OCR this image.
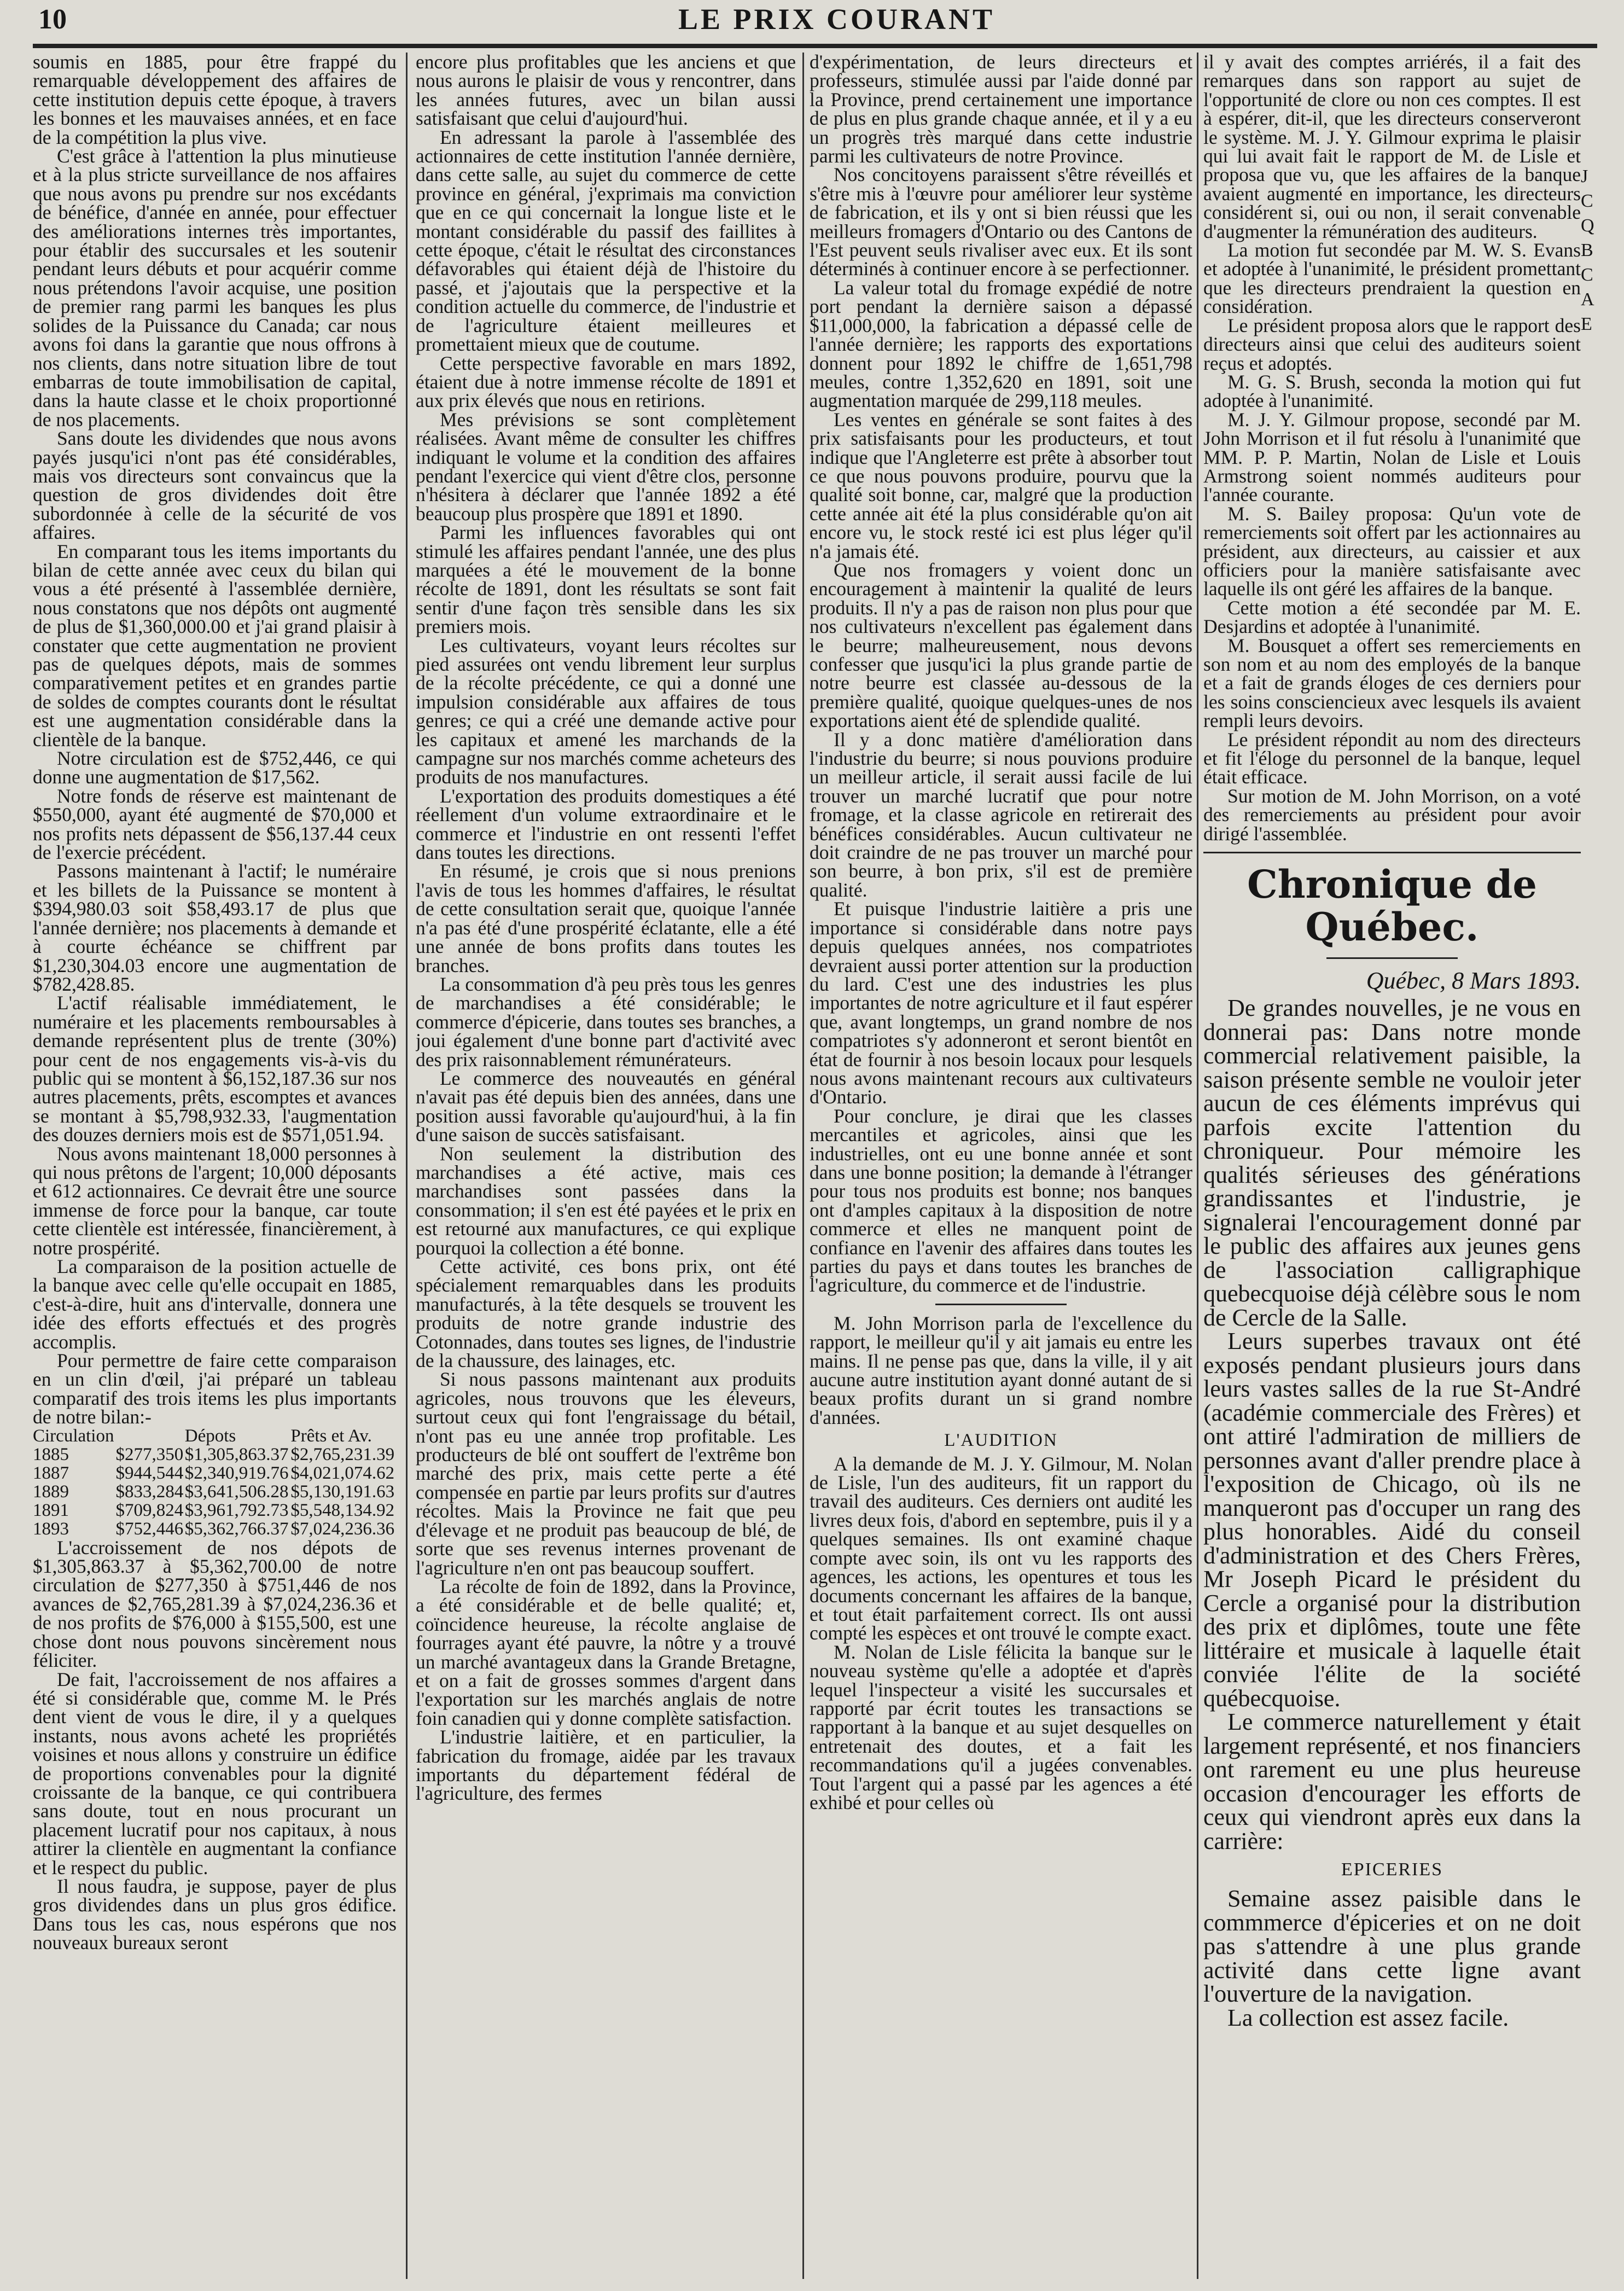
10	LE PRIX COURANT

soumis en 1885, pour être frappé du remarquable développement des affaires de cette institution depuis cette époque, à travers les bonnes et les mauvaises années, et en face de la compétition la plus vive.

C'est grâce à l'attention la plus minutieuse et à la plus stricte surveillance de nos affaires que nous avons pu prendre sur nos excédants de bénéfice, d'année en année, pour effectuer des améliorations internes très importantes, pour établir des succursales et les soutenir pendant leurs débuts et pour acquérir comme nous prétendons l'avoir acquise, une position de premier rang parmi les banques les plus solides de la Puissance du Canada; car nous avons foi dans la garantie que nous offrons à nos clients, dans notre situation libre de tout embarras de toute immobilisation de capital, dans la haute classe et le choix proportionné de nos placements.

Sans doute les dividendes que nous avons payés jusqu'ici n'ont pas été considérables, mais vos directeurs sont convaincus que la question de gros dividendes doit être subordonnée à celle de la sécurité de vos affaires.

En comparant tous les items importants du bilan de cette année avec ceux du bilan qui vous a été présenté à l'assemblée dernière, nous constatons que nos dépôts ont augmenté de plus de $1,360,000.00 et j'ai grand plaisir à constater que cette augmentation ne provient pas de quelques dépots, mais de sommes comparativement petites et en grandes partie de soldes de comptes courants dont le résultat est une augmentation considérable dans la clientèle de la banque.

Notre circulation est de $752,446, ce qui donne une augmentation de $17,562.

Notre fonds de réserve est maintenant de $550,000, ayant été augmenté de $70,000 et nos profits nets dépassent de $56,137.44 ceux de l'exercie précédent.

Passons maintenant à l'actif; le numéraire et les billets de la Puissance se montent à $394,980.03 soit $58,493.17 de plus que l'année dernière; nos placements à demande et à courte échéance se chiffrent par $1,230,304.03 encore une augmentation de $782,428.85.

L'actif réalisable immédiatement, le numéraire et les placements remboursables à demande représentent plus de trente (30%) pour cent de nos engagements vis-à-vis du public qui se montent à $6,152,187.36 sur nos autres placements, prêts, escomptes et avances se montant à $5,798,932.33, l'augmentation des douzes derniers mois est de $571,051.94.

Nous avons maintenant 18,000 personnes à qui nous prêtons de l'argent; 10,000 déposants et 612 actionnaires. Ce devrait être une source immense de force pour la banque, car toute cette clientèle est intéressée, financièrement, à notre prospérité.

La comparaison de la position actuelle de la banque avec celle qu'elle occupait en 1885, c'est-à-dire, huit ans d'intervalle, donnera une idée des efforts effectués et des progrès accomplis.

Pour permettre de faire cette comparaison en un clin d'œil, j'ai préparé un tableau comparatif des trois items les plus importants de notre bilan:-

Circulation		Dépots	Prêts et Av.
1885	$277,350	$1,305,863.37	$2,765,231.39
1887	$944,544	$2,340,919.76	$4,021,074.62
1889	$833,284	$3,641,506.28	$5,130,191.63
1891	$709,824	$3,961,792.73	$5,548,134.92
1893	$752,446	$5,362,766.37	$7,024,236.36

L'accroissement de nos dépots de $1,305,863.37 à $5,362,700.00 de notre circulation de $277,350 à $751,446 de nos avances de $2,765,281.39 à $7,024,236.36 et de nos profits de $76,000 à $155,500, est une chose dont nous pouvons sincèrement nous féliciter.

De fait, l'accroissement de nos affaires a été si considérable que, comme M. le Prés dent vient de vous le dire, il y a quelques instants, nous avons acheté les propriétés voisines et nous allons y construire un édifice de proportions convenables pour la dignité croissante de la banque, ce qui contribuera sans doute, tout en nous procurant un placement lucratif pour nos capitaux, à nous attirer la clientèle en augmentant la confiance et le respect du public.

Il nous faudra, je suppose, payer de plus gros dividendes dans un plus gros édifice. Dans tous les cas, nous espérons que nos nouveaux bureaux seront

encore plus profitables que les anciens et que nous aurons le plaisir de vous y rencontrer, dans les années futures, avec un bilan aussi satisfaisant que celui d'aujourd'hui.

En adressant la parole à l'assemblée des actionnaires de cette institution l'année dernière, dans cette salle, au sujet du commerce de cette province en général, j'exprimais ma conviction que en ce qui concernait la longue liste et le montant considérable du passif des faillites à cette époque, c'était le résultat des circonstances défavorables qui étaient déjà de l'histoire du passé, et j'ajoutais que la perspective et la condition actuelle du commerce, de l'industrie et de l'agriculture étaient meilleures et promettaient mieux que de coutume.

Cette perspective favorable en mars 1892, étaient due à notre immense récolte de 1891 et aux prix élevés que nous en retirions.

Mes prévisions se sont complètement réalisées. Avant même de consulter les chiffres indiquant le volume et la condition des affaires pendant l'exercice qui vient d'être clos, personne n'hésitera à déclarer que l'année 1892 a été beaucoup plus prospère que 1891 et 1890.

Parmi les influences favorables qui ont stimulé les affaires pendant l'année, une des plus marquées a été le mouvement de la bonne récolte de 1891, dont les résultats se sont fait sentir d'une façon très sensible dans les six premiers mois.

Les cultivateurs, voyant leurs récoltes sur pied assurées ont vendu librement leur surplus de la récolte précédente, ce qui a donné une impulsion considérable aux affaires de tous genres; ce qui a créé une demande active pour les capitaux et amené les marchands de la campagne sur nos marchés comme acheteurs des produits de nos manufactures.

L'exportation des produits domestiques a été réellement d'un volume extraordinaire et le commerce et l'industrie en ont ressenti l'effet dans toutes les directions.

En résumé, je crois que si nous prenions l'avis de tous les hommes d'affaires, le résultat de cette consultation serait que, quoique l'année n'a pas été d'une prospérité éclatante, elle a été une année de bons profits dans toutes les branches.

La consommation d'à peu près tous les genres de marchandises a été considérable; le commerce d'épicerie, dans toutes ses branches, a joui également d'une bonne part d'activité avec des prix raisonnablement rémunérateurs.

Le commerce des nouveautés en général n'avait pas été depuis bien des années, dans une position aussi favorable qu'aujourd'hui, à la fin d'une saison de succès satisfaisant.

Non seulement la distribution des marchandises a été active, mais ces marchandises sont passées dans la consommation; il s'en est été payées et le prix en est retourné aux manufactures, ce qui explique pourquoi la collection a été bonne.

Cette activité, ces bons prix, ont été spécialement remarquables dans les produits manufacturés, à la tête desquels se trouvent les produits de notre grande industrie des Cotonnades, dans toutes ses lignes, de l'industrie de la chaussure, des lainages, etc.

Si nous passons maintenant aux produits agricoles, nous trouvons que les éleveurs, surtout ceux qui font l'engraissage du bétail, n'ont pas eu une année trop profitable. Les producteurs de blé ont souffert de l'extrême bon marché des prix, mais cette perte a été compensée en partie par leurs profits sur d'autres récoltes. Mais la Province ne fait que peu d'élevage et ne produit pas beaucoup de blé, de sorte que ses revenus internes provenant de l'agriculture n'en ont pas beaucoup souffert.

La récolte de foin de 1892, dans la Province, a été considérable et de belle qualité; et, coïncidence heureuse, la récolte anglaise de fourrages ayant été pauvre, la nôtre y a trouvé un marché avantageux dans la Grande Bretagne, et on a fait de grosses sommes d'argent dans l'exportation sur les marchés anglais de notre foin canadien qui y donne complète satisfaction.

L'industrie laitière, et en particulier, la fabrication du fromage, aidée par les travaux importants du département fédéral de l'agriculture, des fermes

d'expérimentation, de leurs directeurs et professeurs, stimulée aussi par l'aide donné par la Province, prend certainement une importance de plus en plus grande chaque année, et il y a eu un progrès très marqué dans cette industrie parmi les cultivateurs de notre Province.

Nos concitoyens paraissent s'être réveillés et s'être mis à l'œuvre pour améliorer leur système de fabrication, et ils y ont si bien réussi que les meilleurs fromagers d'Ontario ou des Cantons de l'Est peuvent seuls rivaliser avec eux. Et ils sont déterminés à continuer encore à se perfectionner.

La valeur total du fromage expédié de notre port pendant la dernière saison a dépassé $11,000,000, la fabrication a dépassé celle de l'année dernière; les rapports des exportations donnent pour 1892 le chiffre de 1,651,798 meules, contre 1,352,620 en 1891, soit une augmentation marquée de 299,118 meules.

Les ventes en générale se sont faites à des prix satisfaisants pour les producteurs, et tout indique que l'Angleterre est prête à absorber tout ce que nous pouvons produire, pourvu que la qualité soit bonne, car, malgré que la production cette année ait été la plus considérable qu'on ait encore vu, le stock resté ici est plus léger qu'il n'a jamais été.

Que nos fromagers y voient donc un encouragement à maintenir la qualité de leurs produits. Il n'y a pas de raison non plus pour que nos cultivateurs n'excellent pas également dans le beurre; malheureusement, nous devons confesser que jusqu'ici la plus grande partie de notre beurre est classée au-dessous de la première qualité, quoique quelques-unes de nos exportations aient été de splendide qualité.

Il y a donc matière d'amélioration dans l'industrie du beurre; si nous pouvions produire un meilleur article, il serait aussi facile de lui trouver un marché lucratif que pour notre fromage, et la classe agricole en retirerait des bénéfices considérables. Aucun cultivateur ne doit craindre de ne pas trouver un marché pour son beurre, à bon prix, s'il est de première qualité.

Et puisque l'industrie laitière a pris une importance si considérable dans notre pays depuis quelques années, nos compatriotes devraient aussi porter attention sur la production du lard. C'est une des industries les plus importantes de notre agriculture et il faut espérer que, avant longtemps, un grand nombre de nos compatriotes s'y adonneront et seront bientôt en état de fournir à nos besoin locaux pour lesquels nous avons maintenant recours aux cultivateurs d'Ontario.

Pour conclure, je dirai que les classes mercantiles et agricoles, ainsi que les industrielles, ont eu une bonne année et sont dans une bonne position; la demande à l'étranger pour tous nos produits est bonne; nos banques ont d'amples capitaux à la disposition de notre commerce et elles ne manquent point de confiance en l'avenir des affaires dans toutes les parties du pays et dans toutes les branches de l'agriculture, du commerce et de l'industrie.

M. John Morrison parla de l'excellence du rapport, le meilleur qu'il y ait jamais eu entre les mains. Il ne pense pas que, dans la ville, il y ait aucune autre institution ayant donné autant de si beaux profits durant un si grand nombre d'années.

L'AUDITION

A la demande de M. J. Y. Gilmour, M. Nolan de Lisle, l'un des auditeurs, fit un rapport du travail des auditeurs. Ces derniers ont audité les livres deux fois, d'abord en septembre, puis il y a quelques semaines. Ils ont examiné chaque compte avec soin, ils ont vu les rapports des agences, les actions, les opentures et tous les documents concernant les affaires de la banque, et tout était parfaitement correct. Ils ont aussi compté les espèces et ont trouvé le compte exact.

M. Nolan de Lisle félicita la banque sur le nouveau système qu'elle a adoptée et d'après lequel l'inspecteur a visité les succursales et rapporté par écrit toutes les transactions se rapportant à la banque et au sujet desquelles on entretenait des doutes, et a fait les recommandations qu'il a jugées convenables. Tout l'argent qui a passé par les agences a été exhibé et pour celles où

il y avait des comptes arriérés, il a fait des remarques dans son rapport au sujet de l'opportunité de clore ou non ces comptes. Il est à espérer, dit-il, que les directeurs conserveront le système. M. J. Y. Gilmour exprima le plaisir qui lui avait fait le rapport de M. de Lisle et proposa que vu, que les affaires de la banque avaient augmenté en importance, les directeurs considérent si, oui ou non, il serait convenable d'augmenter la rémunération des auditeurs.

La motion fut secondée par M. W. S. Evans et adoptée à l'unanimité, le président promettant que les directeurs prendraient la question en considération.

Le président proposa alors que le rapport des directeurs ainsi que celui des auditeurs soient reçus et adoptés.

M. G. S. Brush, seconda la motion qui fut adoptée à l'unanimité.

M. J. Y. Gilmour propose, secondé par M. John Morrison et il fut résolu à l'unanimité que MM. P. P. Martin, Nolan de Lisle et Louis Armstrong soient nommés auditeurs pour l'année courante.

M. S. Bailey proposa: Qu'un vote de remerciements soit offert par les actionnaires au président, aux directeurs, au caissier et aux officiers pour la manière satisfaisante avec laquelle ils ont géré les affaires de la banque.

Cette motion a été secondée par M. E. Desjardins et adoptée à l'unanimité.

M. Bousquet a offert ses remerciements en son nom et au nom des employés de la banque et a fait de grands éloges de ces derniers pour les soins consciencieux avec lesquels ils avaient rempli leurs devoirs.

Le président répondit au nom des directeurs et fit l'éloge du personnel de la banque, lequel était efficace.

Sur motion de M. John Morrison, on a voté des remerciements au président pour avoir dirigé l'assemblée.

Chronique de Québec.
Québec, 8 Mars 1893.

De grandes nouvelles, je ne vous en donnerai pas: Dans notre monde commercial relativement paisible, la saison présente semble ne vouloir jeter aucun de ces éléments imprévus qui parfois excite l'attention du chroniqueur. Pour mémoire les qualités sérieuses des générations grandissantes et l'industrie, je signalerai l'encouragement donné par le public des affaires aux jeunes gens de l'association calligraphique quebecquoise déjà célèbre sous le nom de Cercle de la Salle.

Leurs superbes travaux ont été exposés pendant plusieurs jours dans leurs vastes salles de la rue St-André (académie commerciale des Frères) et ont attiré l'admiration de milliers de personnes avant d'aller prendre place à l'exposition de Chicago, où ils ne manqueront pas d'occuper un rang des plus honorables. Aidé du conseil d'administration et des Chers Frères, Mr Joseph Picard le président du Cercle a organisé pour la distribution des prix et diplômes, toute une fête littéraire et musicale à laquelle était conviée l'élite de la société québecquoise.

Le commerce naturellement y était largement représenté, et nos financiers ont rarement eu une plus heureuse occasion d'encourager les efforts de ceux qui viendront après eux dans la carrière:

EPICERIES

Semaine assez paisible dans le commmerce d'épiceries et on ne doit pas s'attendre à une plus grande activité dans cette ligne avant l'ouverture de la navigation.

La collection est assez facile.

J
C
Q
B
C
A
E
